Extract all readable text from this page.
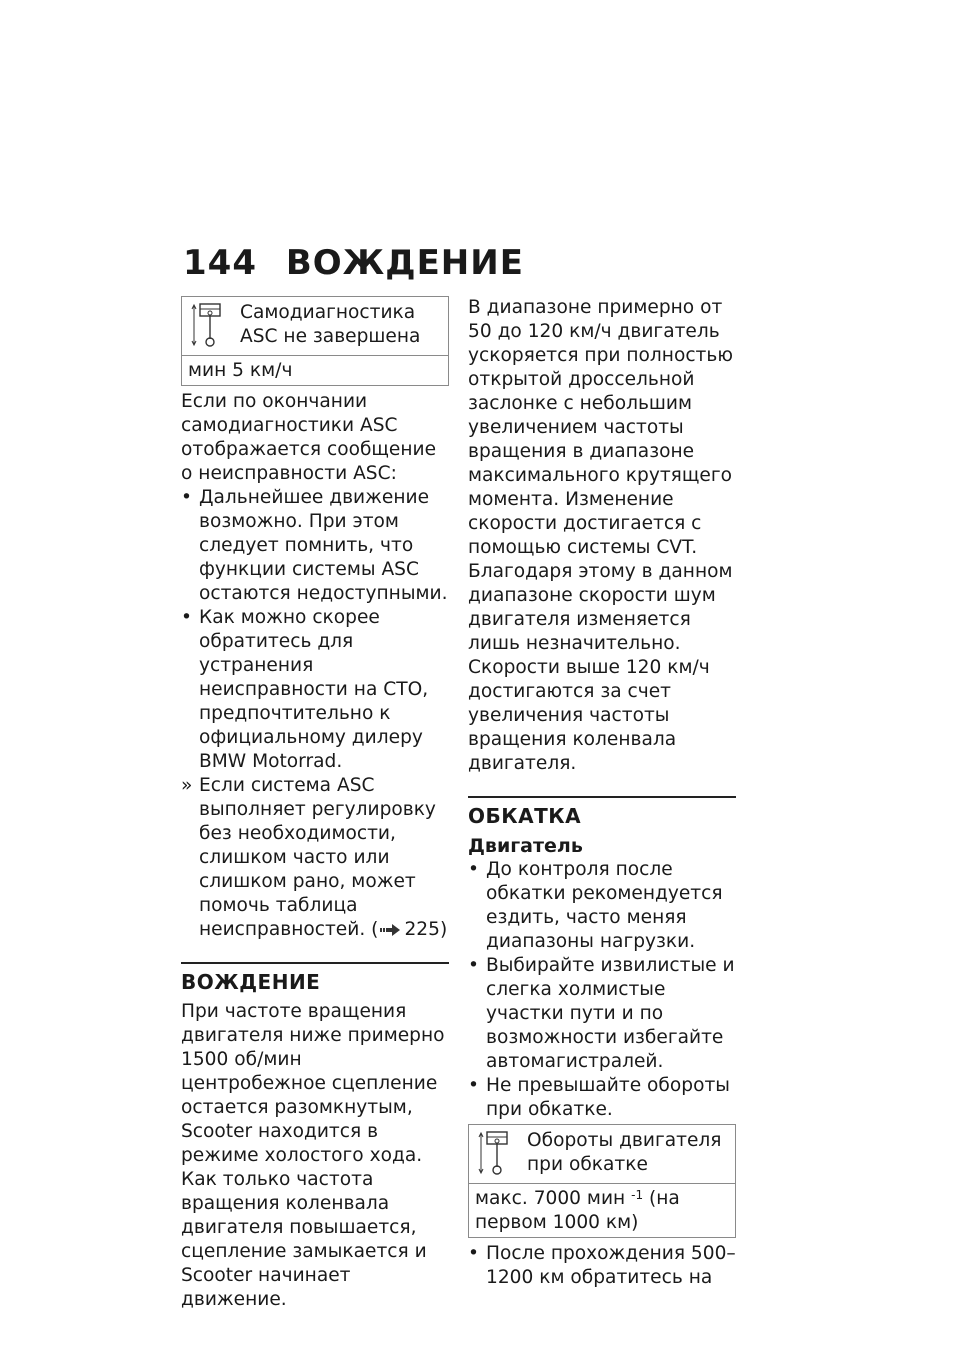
144 ВОЖДЕНИЕ
Самодиагностика ASC не завершена
мин 5 км/ч

Если по окончании самодиагностики ASC отображается сообщение о неисправности ASC:

• Дальнейшее движение возможно. При этом следует помнить, что функции системы ASC остаются недоступными.
• Как можно скорее обратитесь для устранения неисправности на СТО, предпочтительно к официальному дилеру BMW Motorrad.
» Если система ASC выполняет регулировку без необходимости, слишком часто или слишком рано, может помочь таблица неисправностей. ( 225 )
ВОЖДЕНИЕ

При частоте вращения двигателя ниже примерно 1500 об/мин центробежное сцепление остается разомкнутым, Scooter находится в режиме холостого хода. Как только частота вращения коленвала двигателя повышается, сцепление замыкается и Scooter начинает движение.

В диапазоне примерно от 50 до 120 км/ч двигатель ускоряется при полностью открытой дроссельной заслонке с небольшим увеличением частоты вращения в диапазоне максимального крутящего момента. Изменение скорости достигается с помощью системы CVT. Благодаря этому в данном диапазоне скорости шум двигателя изменяется лишь незначительно.

Скорости выше 120 км/ч достигаются за счет увеличения частоты вращения коленвала двигателя.

ОБКАТКА
Двигатель
• До контроля после обкатки рекомендуется ездить, часто меняя диапазоны нагрузки.
• Выбирайте извилистые и слегка холмистые участки пути и по возможности избегайте автомагистралей.
• Не превышайте обороты при обкатке.
Обороты двигателя при обкатке
макс. 7000 мин $^{-1}$ (на первом 1000 км)
• После прохождения 500–1200 км обратитесь на
